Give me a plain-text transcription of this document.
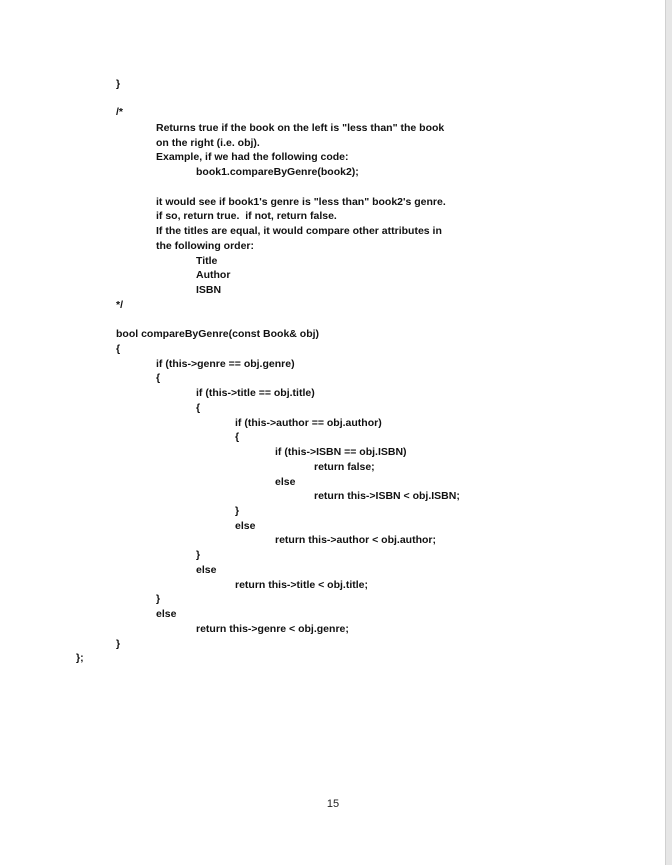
}
/*
Returns true if the book on the left is "less than" the book
on the right (i.e. obj).
Example, if we had the following code:
book1.compareByGenre(book2);
it would see if book1's genre is "less than" book2's genre.
if so, return true.  if not, return false.
If the titles are equal, it would compare other attributes in
the following order:
Title
Author
ISBN
*/
bool compareByGenre(const Book& obj)
{
if (this->genre == obj.genre)
{
if (this->title == obj.title)
{
if (this->author == obj.author)
{
if (this->ISBN == obj.ISBN)
return false;
else
return this->ISBN < obj.ISBN;
}
else
return this->author < obj.author;
}
else
return this->title < obj.title;
}
else
return this->genre < obj.genre;
}
};
15
